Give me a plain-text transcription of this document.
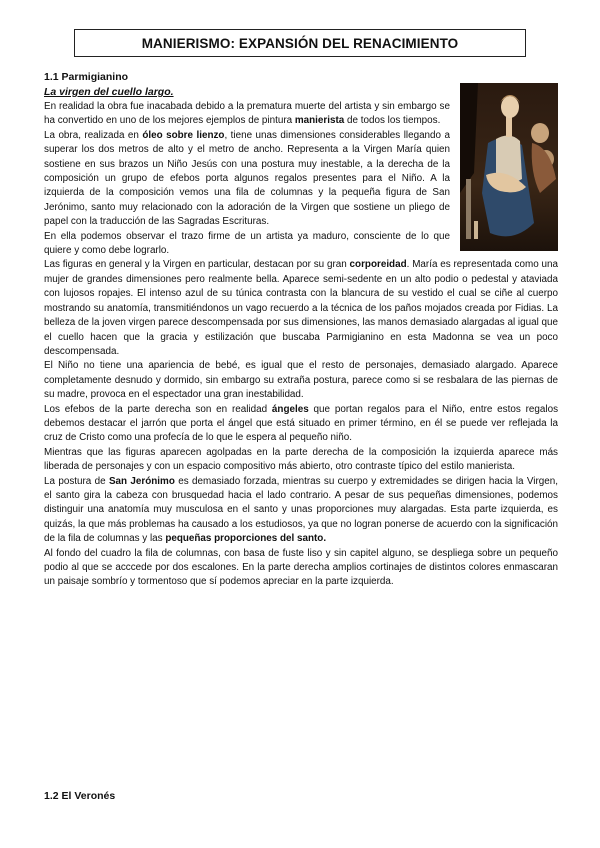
MANIERISMO: EXPANSIÓN DEL RENACIMIENTO
1.1 Parmigianino
La virgen del cuello largo.

En realidad la obra fue inacabada debido a la prematura muerte del artista y sin embargo se ha convertido en uno de los mejores ejemplos de pintura manierista de todos los tiempos.

La obra, realizada en óleo sobre lienzo, tiene unas dimensiones considerables llegando a superar los dos metros de alto y el metro de ancho. Representa a la Virgen María quien sostiene en sus brazos un Niño Jesús con una postura muy inestable, a la derecha de la composición un grupo de efebos porta algunos regalos presentes para el Niño. A la izquierda de la composición vemos una fila de columnas y la pequeña figura de San Jerónimo, santo muy relacionado con la adoración de la Virgen que sostiene un pliego de papel con la traducción de las Sagradas Escrituras.

En ella podemos observar el trazo firme de un artista ya maduro, consciente de lo que quiere y como debe lograrlo.

Las figuras en general y la Virgen en particular, destacan por su gran corporeidad. María es representada como una mujer de grandes dimensiones pero realmente bella. Aparece semi-sedente en un alto podio o pedestal y ataviada con lujosos ropajes. El intenso azul de su túnica contrasta con la blancura de su vestido el cual se ciñe al cuerpo mostrando su anatomía, transmitiéndonos un vago recuerdo a la técnica de los paños mojados creada por Fidias. La belleza de la joven virgen parece descompensada por sus dimensiones, las manos demasiado alargadas al igual que el cuello hacen que la gracia y estilización que buscaba Parmigianino en esta Madonna se vea un poco descompensada.

El Niño no tiene una apariencia de bebé, es igual que el resto de personajes, demasiado alargado. Aparece completamente desnudo y dormido, sin embargo su extraña postura, parece como si se resbalara de las piernas de su madre, provoca en el espectador una gran inestabilidad.

Los efebos de la parte derecha son en realidad ángeles que portan regalos para el Niño, entre estos regalos debemos destacar el jarrón que porta el ángel que está situado en primer término, en él se puede ver reflejada la cruz de Cristo como una profecía de lo que le espera al pequeño niño.

Mientras que las figuras aparecen agolpadas en la parte derecha de la composición la izquierda aparece más liberada de personajes y con un espacio compositivo más abierto, otro contraste típico del estilo manierista.

La postura de San Jerónimo es demasiado forzada, mientras su cuerpo y extremidades se dirigen hacia la Virgen, el santo gira la cabeza con brusquedad hacia el lado contrario. A pesar de sus pequeñas dimensiones, podemos distinguir una anatomía muy musculosa en el santo y unas proporciones muy alargadas. Esta parte izquierda, es quizás, la que más problemas ha causado a los estudiosos, ya que no logran ponerse de acuerdo con la significación de la fila de columnas y las pequeñas proporciones del santo.

Al fondo del cuadro la fila de columnas, con basa de fuste liso y sin capitel alguno, se despliega sobre un pequeño podio al que se acccede por dos escalones. En la parte derecha amplios cortinajes de distintos colores enmascaran un paisaje sombrío y tormentoso que sí podemos apreciar en la parte izquierda.

1.2 El Veronés
